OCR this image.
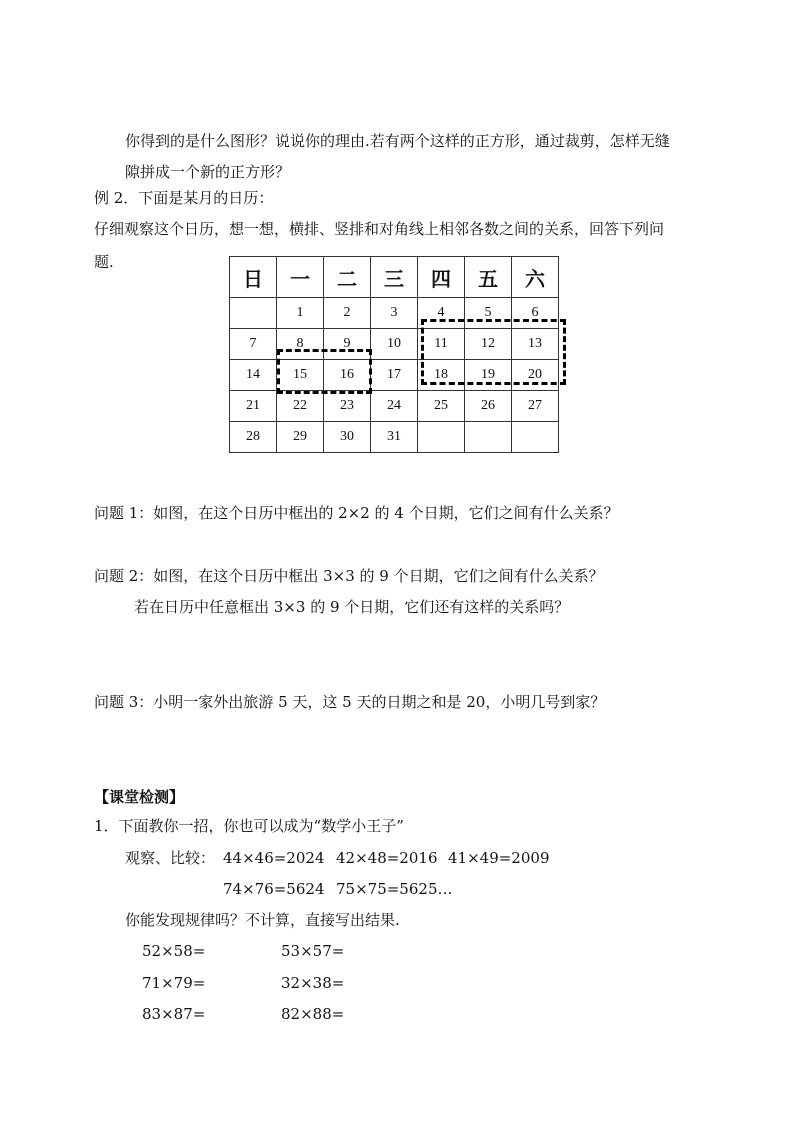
你得到的是什么图形？说说你的理由.若有两个这样的正方形，通过裁剪，怎样无缝
隙拼成一个新的正方形？
例 2．下面是某月的日历：
仔细观察这个日历，想一想，横排、竖排和对角线上相邻各数之间的关系，回答下列问
题.
日	一	二	三	四	五	六
	1	2	3	4	5	6
7	8	9	10	11	12	13
14	15	16	17	18	19	20
21	22	23	24	25	26	27
28	29	30	31			
问题 1：如图，在这个日历中框出的 2×2 的 4 个日期，它们之间有什么关系？
问题 2：如图，在这个日历中框出 3×3 的 9 个日期，它们之间有什么关系？
若在日历中任意框出 3×3 的 9 个日期，它们还有这样的关系吗？
问题 3：小明一家外出旅游 5 天，这 5 天的日期之和是 20，小明几号到家？
【课堂检测】
1．下面教你一招，你也可以成为“数学小王子”
观察、比较： 44×46=2024 42×48=2016 41×49=2009
74×76=5624 75×75=5625…
你能发现规律吗？不计算，直接写出结果.
52×58=	53×57=
71×79=	32×38=
83×87=	82×88=
